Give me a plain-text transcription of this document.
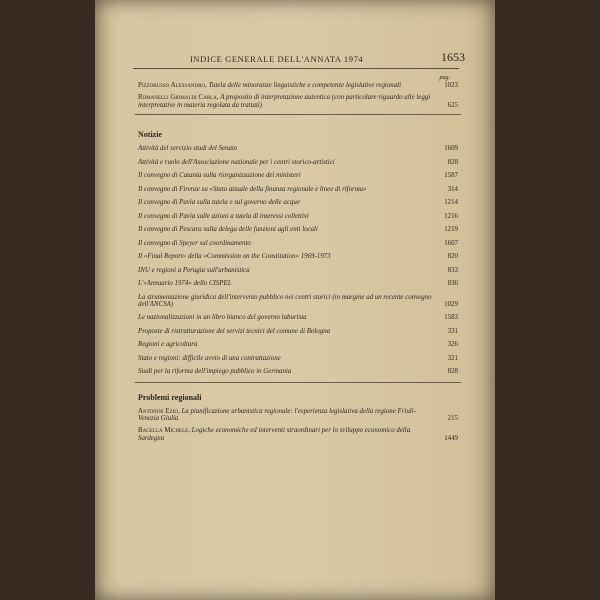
INDICE GENERALE DELL'ANNATA 1974	1653
pag.
Pizzorusso Alessandro, Tutela delle minoranze linguistiche e competenze legislative regionali	1023
Romanelli Grimaldi Carla, A proposito di interpretazione autentica (con particolare riguardo alle leggi interpretative in materia regolata da trattati)	625
Notizie
Attività del servizio studi del Senato	1609
Attività e ruolo dell'Associazione nazionale per i centri storico-artistici	828
Il convegno di Catania sulla riorganizzazione dei ministeri	1587
Il convegno di Firenze su «Stato attuale della finanza regionale e linee di riforma»	314
Il convegno di Pavia sulla tutela e sul governo delle acque	1214
Il convegno di Pavia sulle azioni a tutela di interessi collettivi	1216
Il convegno di Pescara sulla delega delle funzioni agli enti locali	1219
Il convegno di Speyer sul coordinamento	1607
Il «Final Report» della «Commission on the Constitution» 1969-1973	820
INU e regioni a Perugia sull'urbanistica	833
L'«Annuario 1974» dello CISPEL	836
La strumentazione giuridica dell'intervento pubblico nei centri storici (in margine ad un recente convegno dell'ANCSA)	1029
Le nazionalizzazioni in un libro bianco del governo laburista	1583
Proposte di ristrutturazione dei servizi tecnici del comune di Bologna	331
Regioni e agricoltura	326
Stato e regioni: difficile avvio di una contrattazione	321
Studi per la riforma dell'impiego pubblico in Germania	828
Problemi regionali
Antonini Ezio, La pianificazione urbanistica regionale: l'esperienza legislativa della regione Friuli-Venezia Giulia	215
Bagella Michele, Logiche economiche ed interventi straordinari per lo sviluppo economico della Sardegna	1449
